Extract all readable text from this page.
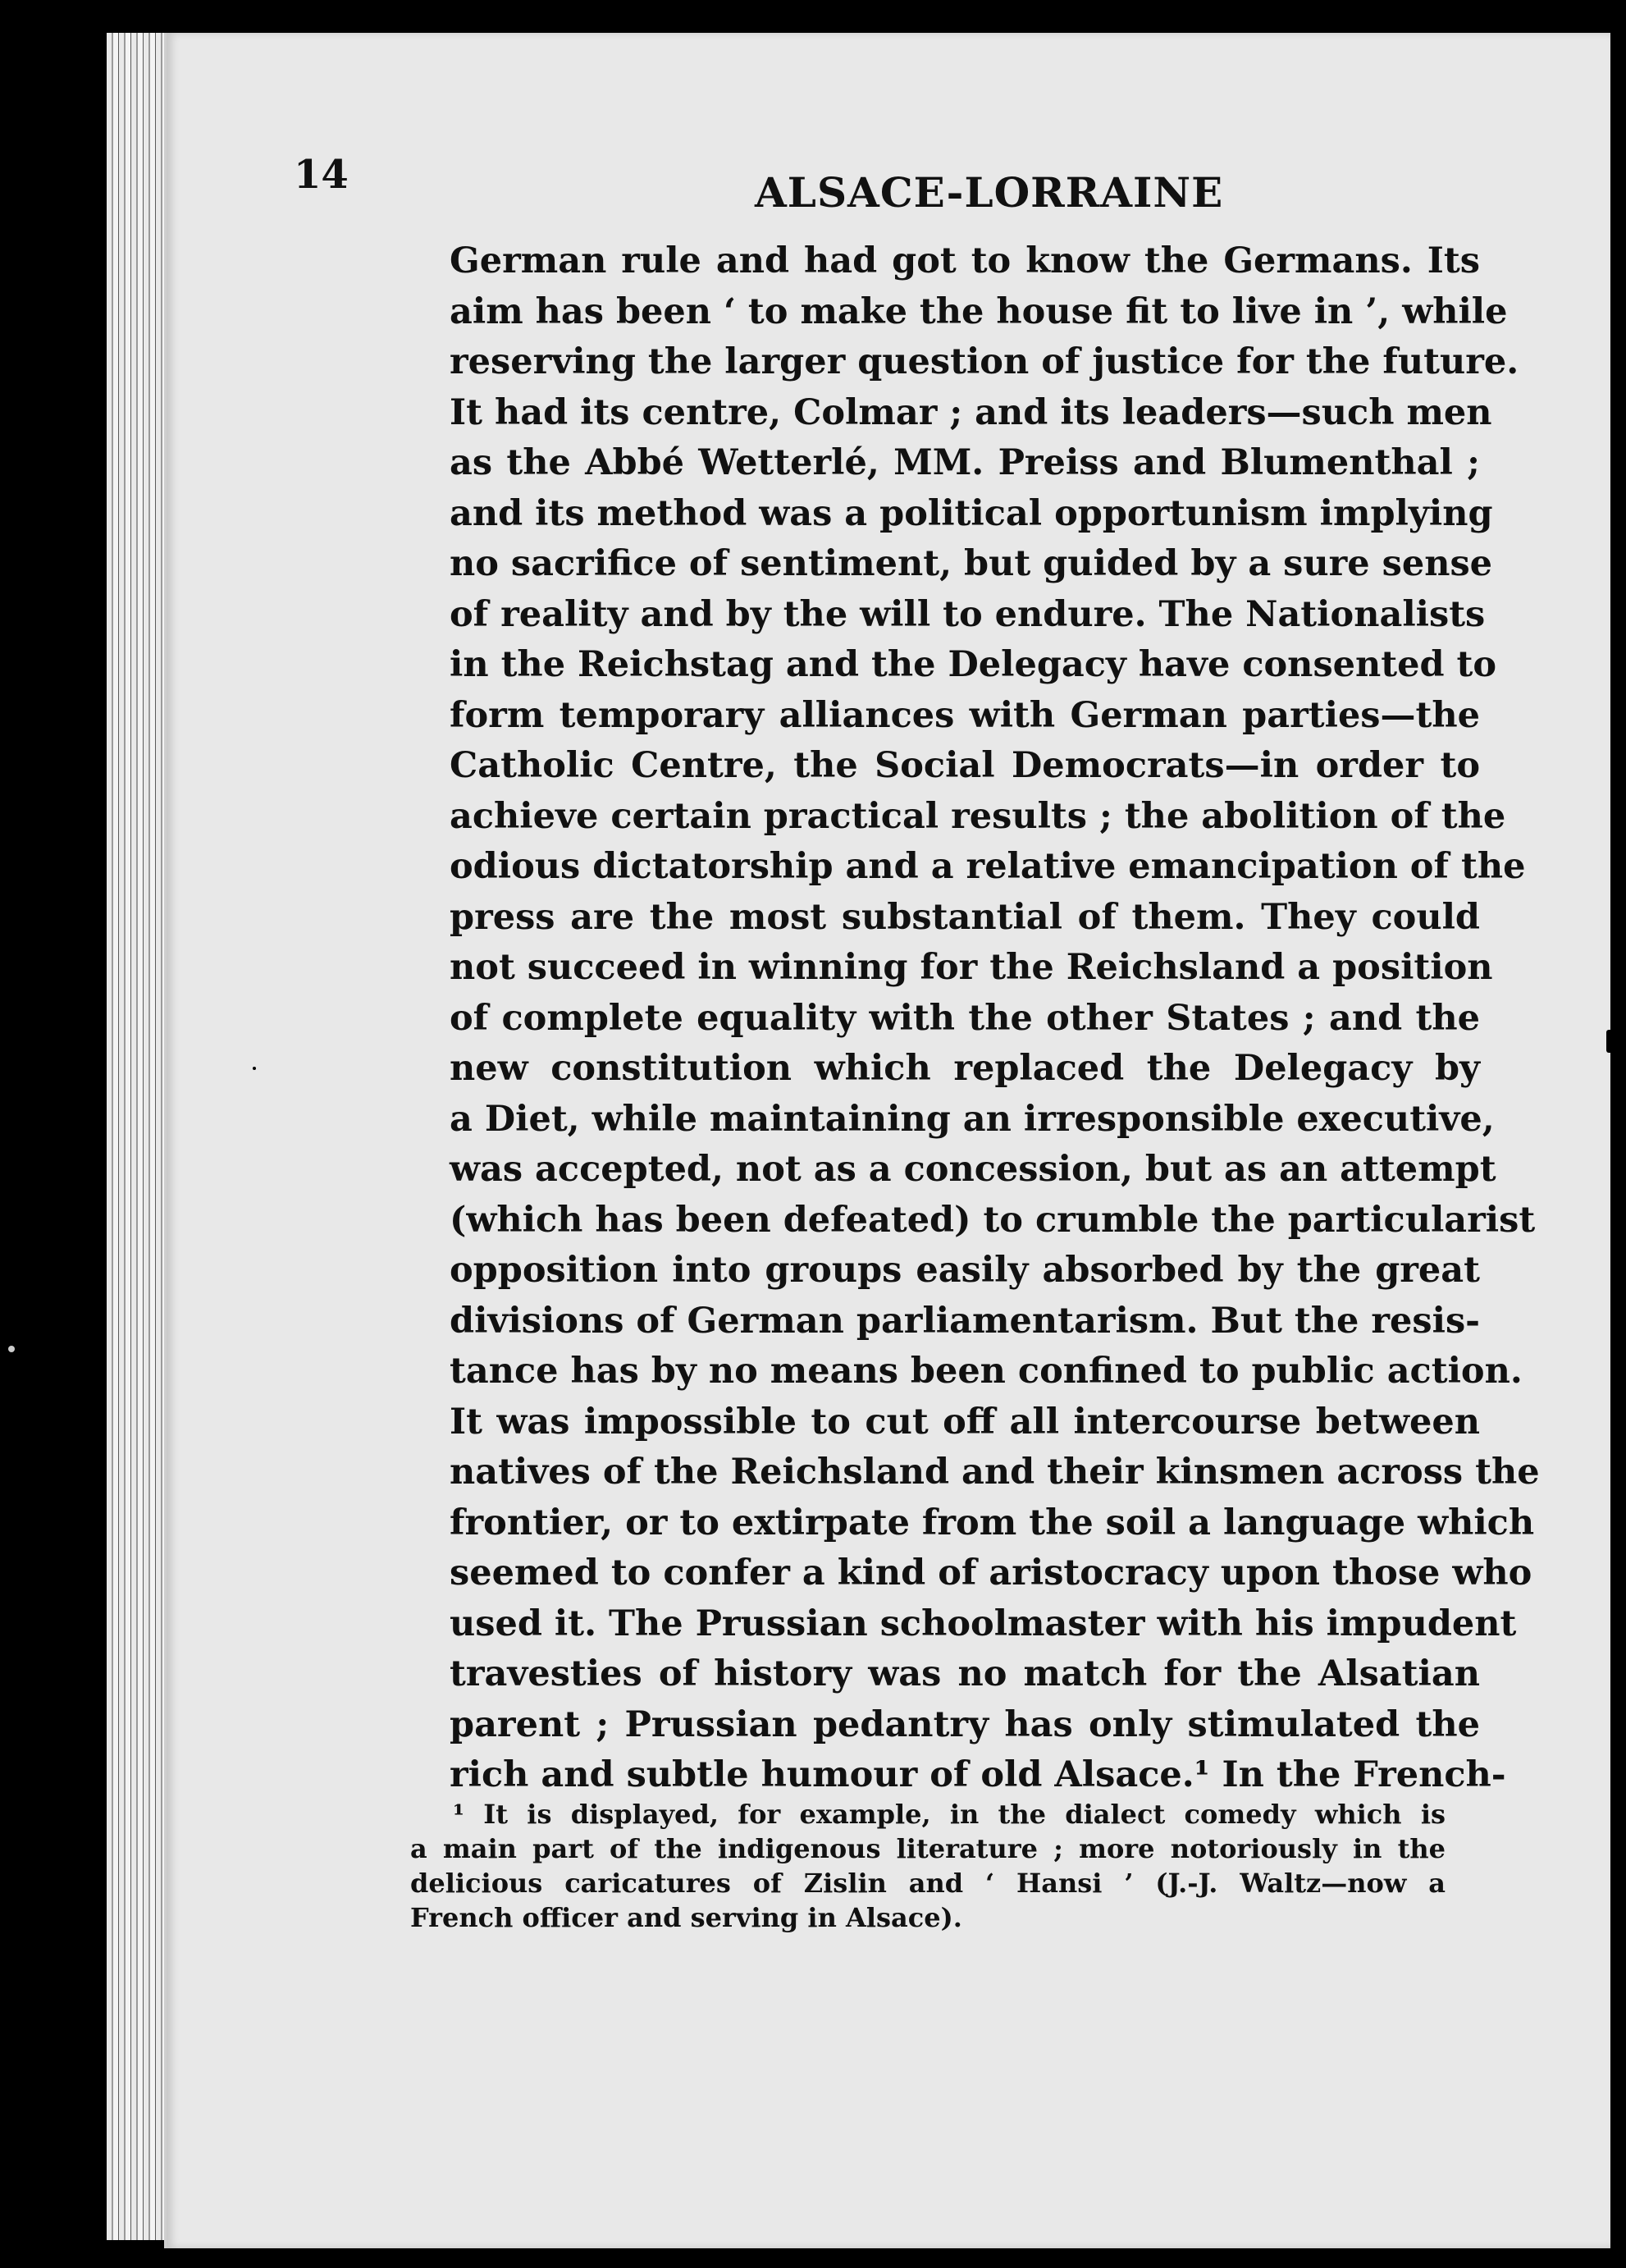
14	ALSACE-LORRAINE
German rule and had got to know the Germans. Its
aim has been ‘ to make the house fit to live in ’, while
reserving the larger question of justice for the future.
It had its centre, Colmar ; and its leaders—such men
as the Abbé Wetterlé, MM. Preiss and Blumenthal ;
and its method was a political opportunism implying
no sacrifice of sentiment, but guided by a sure sense
of reality and by the will to endure. The Nationalists
in the Reichstag and the Delegacy have consented to
form temporary alliances with German parties—the
Catholic Centre, the Social Democrats—in order to
achieve certain practical results ; the abolition of the
odious dictatorship and a relative emancipation of the
press are the most substantial of them. They could
not succeed in winning for the Reichsland a position
of complete equality with the other States ; and the
new constitution which replaced the Delegacy by
a Diet, while maintaining an irresponsible executive,
was accepted, not as a concession, but as an attempt
(which has been defeated) to crumble the particularist
opposition into groups easily absorbed by the great
divisions of German parliamentarism. But the resis-
tance has by no means been confined to public action.
It was impossible to cut off all intercourse between
natives of the Reichsland and their kinsmen across the
frontier, or to extirpate from the soil a language which
seemed to confer a kind of aristocracy upon those who
used it. The Prussian schoolmaster with his impudent
travesties of history was no match for the Alsatian
parent ; Prussian pedantry has only stimulated the
rich and subtle humour of old Alsace.¹ In the French-
¹ It is displayed, for example, in the dialect comedy which is
a main part of the indigenous literature ; more notoriously in the
delicious caricatures of Zislin and ‘ Hansi ’ (J.-J. Waltz—now a
French officer and serving in Alsace).
